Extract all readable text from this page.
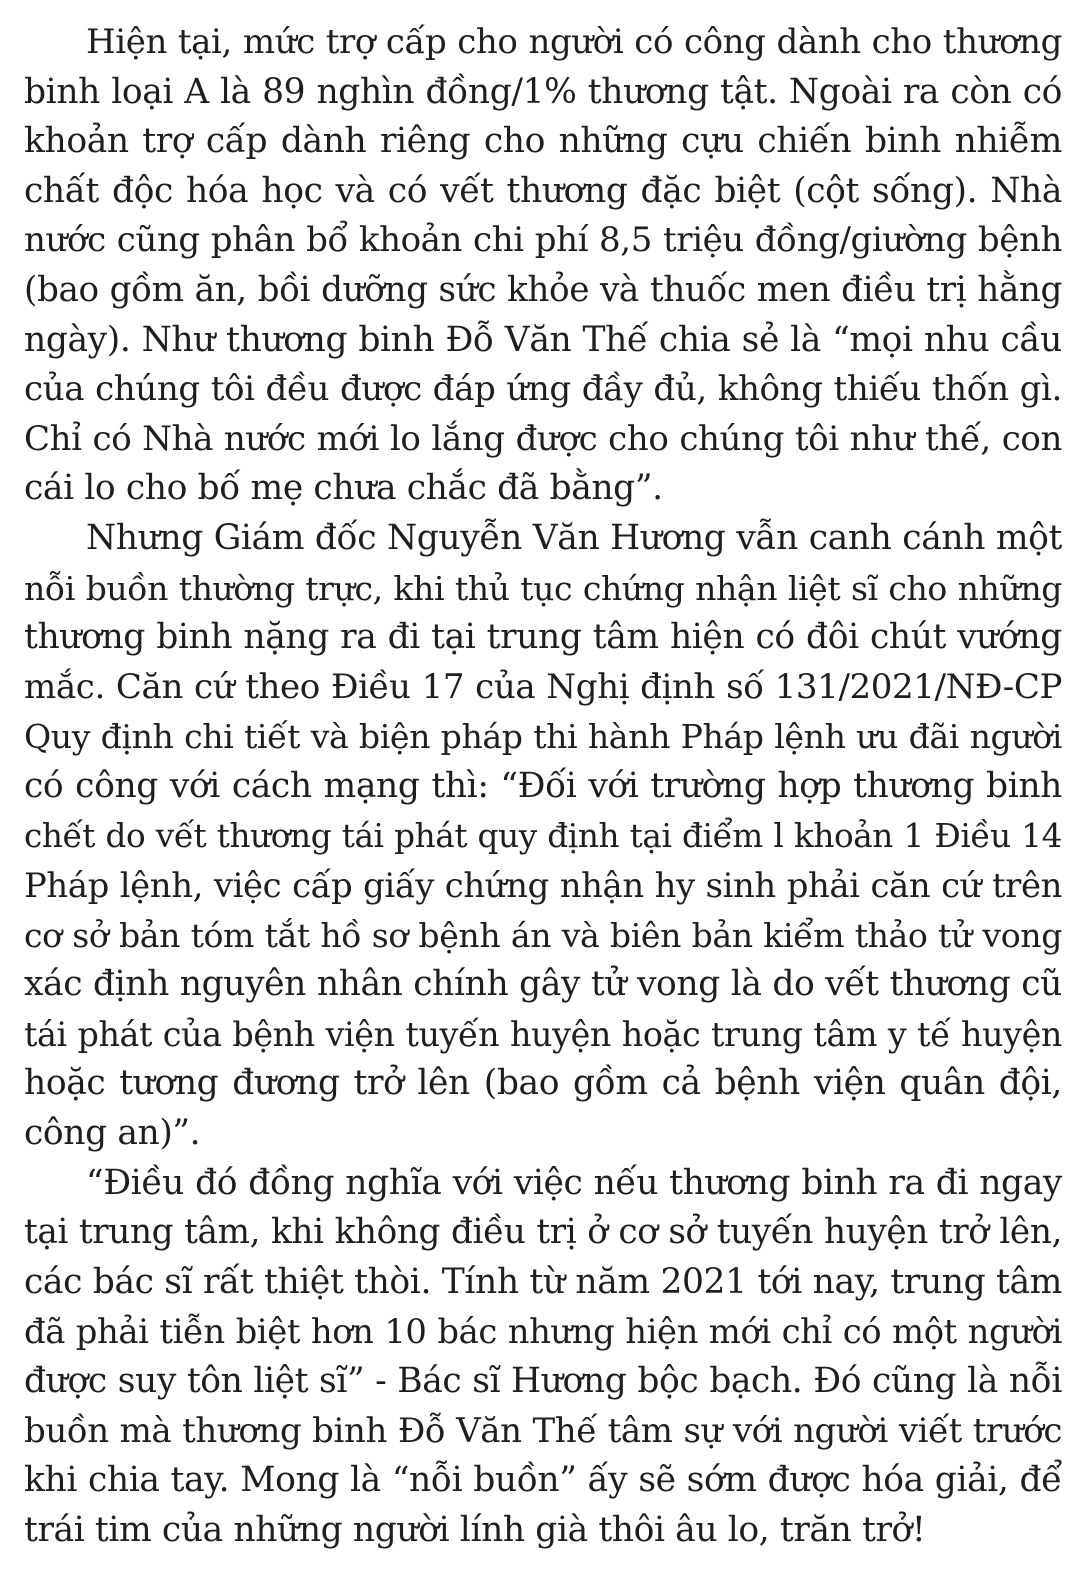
Hiện tại, mức trợ cấp cho người có công dành cho thương
binh loại A là 89 nghìn đồng/1% thương tật. Ngoài ra còn có
khoản trợ cấp dành riêng cho những cựu chiến binh nhiễm
chất độc hóa học và có vết thương đặc biệt (cột sống). Nhà
nước cũng phân bổ khoản chi phí 8,5 triệu đồng/giường bệnh
(bao gồm ăn, bồi dưỡng sức khỏe và thuốc men điều trị hằng
ngày). Như thương binh Đỗ Văn Thế chia sẻ là “mọi nhu cầu
của chúng tôi đều được đáp ứng đầy đủ, không thiếu thốn gì.
Chỉ có Nhà nước mới lo lắng được cho chúng tôi như thế, con
cái lo cho bố mẹ chưa chắc đã bằng”.
Nhưng Giám đốc Nguyễn Văn Hương vẫn canh cánh một
nỗi buồn thường trực, khi thủ tục chứng nhận liệt sĩ cho những
thương binh nặng ra đi tại trung tâm hiện có đôi chút vướng
mắc. Căn cứ theo Điều 17 của Nghị định số 131/2021/NĐ-CP
Quy định chi tiết và biện pháp thi hành Pháp lệnh ưu đãi người
có công với cách mạng thì: “Đối với trường hợp thương binh
chết do vết thương tái phát quy định tại điểm l khoản 1 Điều 14
Pháp lệnh, việc cấp giấy chứng nhận hy sinh phải căn cứ trên
cơ sở bản tóm tắt hồ sơ bệnh án và biên bản kiểm thảo tử vong
xác định nguyên nhân chính gây tử vong là do vết thương cũ
tái phát của bệnh viện tuyến huyện hoặc trung tâm y tế huyện
hoặc tương đương trở lên (bao gồm cả bệnh viện quân đội,
công an)”.
“Điều đó đồng nghĩa với việc nếu thương binh ra đi ngay
tại trung tâm, khi không điều trị ở cơ sở tuyến huyện trở lên,
các bác sĩ rất thiệt thòi. Tính từ năm 2021 tới nay, trung tâm
đã phải tiễn biệt hơn 10 bác nhưng hiện mới chỉ có một người
được suy tôn liệt sĩ” - Bác sĩ Hương bộc bạch. Đó cũng là nỗi
buồn mà thương binh Đỗ Văn Thế tâm sự với người viết trước
khi chia tay. Mong là “nỗi buồn” ấy sẽ sớm được hóa giải, để
trái tim của những người lính già thôi âu lo, trăn trở!
